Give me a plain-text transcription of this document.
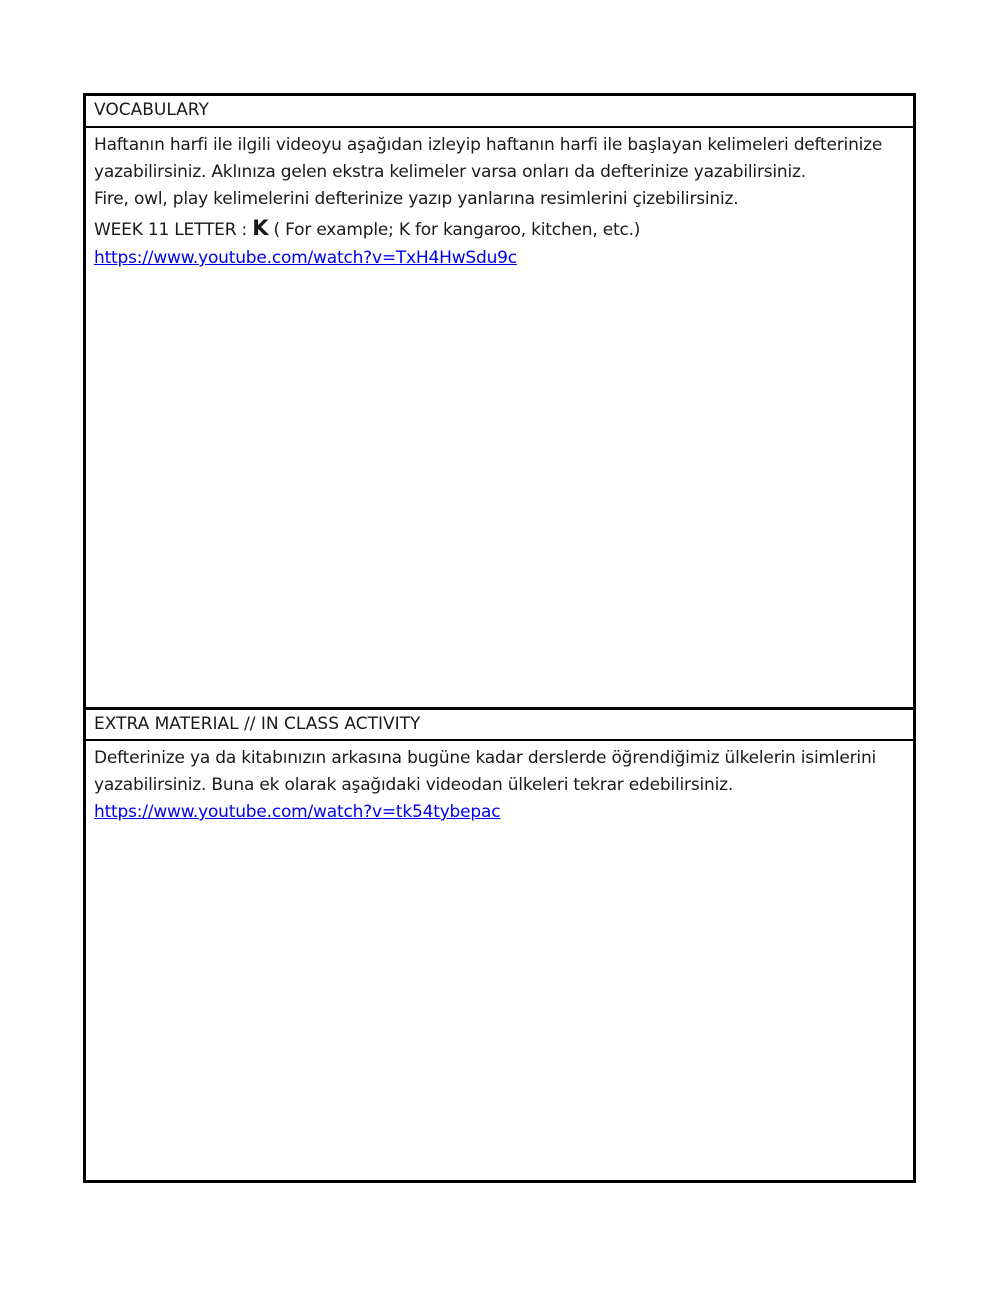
VOCABULARY

Haftanın harfi ile ilgili videoyu aşağıdan izleyip haftanın harfi ile başlayan kelimeleri defterinize yazabilirsiniz. Aklınıza gelen ekstra kelimeler varsa onları da defterinize yazabilirsiniz.

Fire, owl, play kelimelerini defterinize yazıp yanlarına resimlerini çizebilirsiniz.

WEEK 11 LETTER : K ( For example; K for kangaroo, kitchen, etc.)

https://www.youtube.com/watch?v=TxH4HwSdu9c

EXTRA MATERIAL // IN CLASS ACTIVITY

Defterinize ya da kitabınızın arkasına bugüne kadar derslerde öğrendiğimiz ülkelerin isimlerini yazabilirsiniz. Buna ek olarak aşağıdaki videodan ülkeleri tekrar edebilirsiniz.

https://www.youtube.com/watch?v=tk54tybepac
